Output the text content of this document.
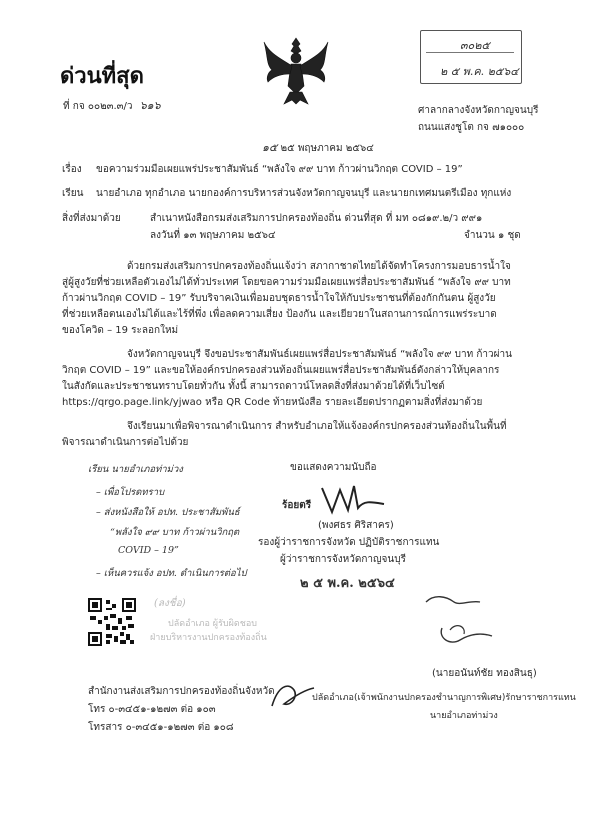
ด่วนที่สุด
ที่ กจ ๐๐๒๓.๓/ว ๖๑๖
๓๐๒๕
๒ ๕ พ.ค. ๒๕๖๔
ศาลากลางจังหวัดกาญจนบุรี
ถนนแสงชูโต กจ ๗๑๐๐๐
๑๕ ๒๕ พฤษภาคม ๒๕๖๔
เรื่อง ขอความร่วมมือเผยแพร่ประชาสัมพันธ์ “พลังใจ ๙๙ บาท ก้าวผ่านวิกฤต COVID – 19”
เรียน นายอำเภอ ทุกอำเภอ นายกองค์การบริหารส่วนจังหวัดกาญจนบุรี และนายกเทศมนตรีเมือง ทุกแห่ง
สิ่งที่ส่งมาด้วย	สำเนาหนังสือกรมส่งเสริมการปกครองท้องถิ่น ด่วนที่สุด ที่ มท ๐๘๑๙.๒/ว ๙๙๑
ลงวันที่ ๑๓ พฤษภาคม ๒๕๖๔	จำนวน ๑ ชุด
ด้วยกรมส่งเสริมการปกครองท้องถิ่นแจ้งว่า สภากาชาดไทยได้จัดทำโครงการมอบธารน้ำใจ
สู่ผู้สูงวัยที่ช่วยเหลือตัวเองไม่ได้ทั่วประเทศ โดยขอความร่วมมือเผยแพร่สื่อประชาสัมพันธ์ “พลังใจ ๙๙ บาท
ก้าวผ่านวิกฤต COVID – 19” รับบริจาคเงินเพื่อมอบชุดธารน้ำใจให้กับประชาชนที่ต้องกักกันตน ผู้สูงวัย
ที่ช่วยเหลือตนเองไม่ได้และไร้ที่พึ่ง เพื่อลดความเสี่ยง ป้องกัน และเยียวยาในสถานการณ์การแพร่ระบาด
ของโควิด – 19 ระลอกใหม่
จังหวัดกาญจนบุรี จึงขอประชาสัมพันธ์เผยแพร่สื่อประชาสัมพันธ์ “พลังใจ ๙๙ บาท ก้าวผ่าน
วิกฤต COVID – 19” และขอให้องค์กรปกครองส่วนท้องถิ่นเผยแพร่สื่อประชาสัมพันธ์ดังกล่าวให้บุคลากร
ในสังกัดและประชาชนทราบโดยทั่วกัน ทั้งนี้ สามารถดาวน์โหลดสิ่งที่ส่งมาด้วยได้ที่เว็บไซต์
https://qrgo.page.link/yjwao หรือ QR Code ท้ายหนังสือ รายละเอียดปรากฏตามสิ่งที่ส่งมาด้วย
จึงเรียนมาเพื่อพิจารณาดำเนินการ สำหรับอำเภอให้แจ้งองค์กรปกครองส่วนท้องถิ่นในพื้นที่
พิจารณาดำเนินการต่อไปด้วย
เรียน นายอำเภอท่าม่วง
– เพื่อโปรดทราบ
– ส่งหนังสือให้ อปท. ประชาสัมพันธ์
“พลังใจ ๙๙ บาท ก้าวผ่านวิกฤต
COVID – 19”
– เห็นควรแจ้ง อปท. ดำเนินการต่อไป
ขอแสดงความนับถือ
ร้อยตรี
(พงศธร ศิริสาคร)
รองผู้ว่าราชการจังหวัด ปฏิบัติราชการแทน
ผู้ว่าราชการจังหวัดกาญจนบุรี
๒ ๕ พ.ค. ๒๕๖๔
(ลงชื่อ)
ปลัดอำเภอ ผู้รับผิดชอบ
ฝ่ายบริหารงานปกครองท้องถิ่น
(นายอนันท์ชัย ทองสินธุ)
ปลัดอำเภอ(เจ้าพนักงานปกครองชำนาญการพิเศษ)รักษาราชการแทน
นายอำเภอท่าม่วง
สำนักงานส่งเสริมการปกครองท้องถิ่นจังหวัด
โทร ๐-๓๔๕๑-๑๒๗๓ ต่อ ๑๐๓
โทรสาร ๐-๓๔๕๑-๑๒๗๓ ต่อ ๑๐๘
